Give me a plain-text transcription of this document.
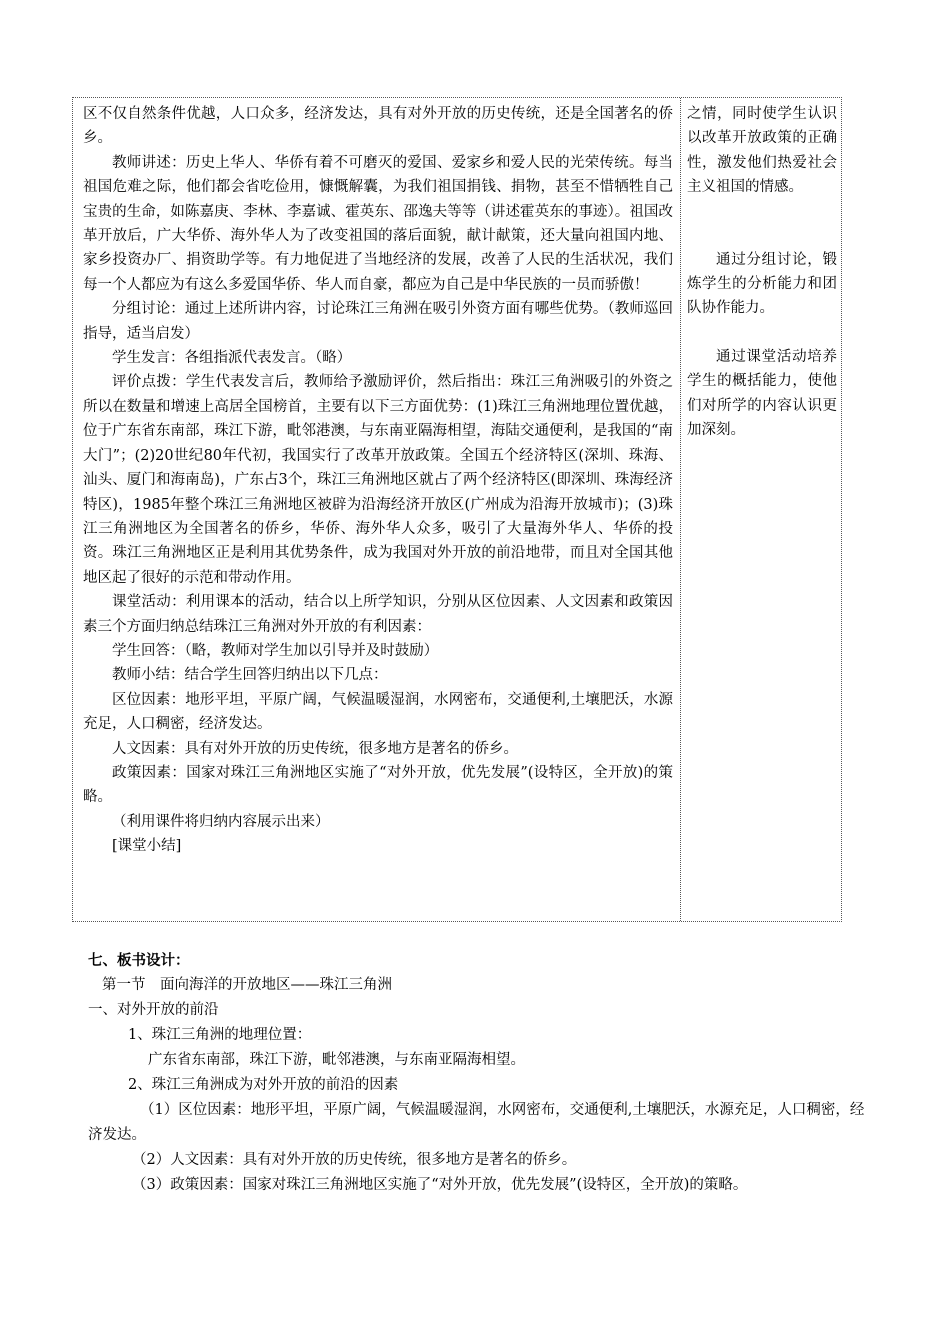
区不仅自然条件优越，人口众多，经济发达，具有对外开放的历史传统，还是全国著名的侨乡。

教师讲述：历史上华人、华侨有着不可磨灭的爱国、爱家乡和爱人民的光荣传统。每当祖国危难之际，他们都会省吃俭用，慷慨解囊，为我们祖国捐钱、捐物，甚至不惜牺牲自己宝贵的生命，如陈嘉庚、李林、李嘉诚、霍英东、邵逸夫等等（讲述霍英东的事迹）。祖国改革开放后，广大华侨、海外华人为了改变祖国的落后面貌，献计献策，还大量向祖国内地、家乡投资办厂、捐资助学等。有力地促进了当地经济的发展，改善了人民的生活状况，我们每一个人都应为有这么多爱国华侨、华人而自豪，都应为自己是中华民族的一员而骄傲！

分组讨论：通过上述所讲内容，讨论珠江三角洲在吸引外资方面有哪些优势。（教师巡回指导，适当启发）

学生发言：各组指派代表发言。（略）

评价点拨：学生代表发言后，教师给予激励评价，然后指出：珠江三角洲吸引的外资之所以在数量和增速上高居全国榜首，主要有以下三方面优势：(1)珠江三角洲地理位置优越，位于广东省东南部，珠江下游，毗邻港澳，与东南亚隔海相望，海陆交通便利，是我国的“南大门”；(2)20世纪80年代初，我国实行了改革开放政策。全国五个经济特区(深圳、珠海、汕头、厦门和海南岛)，广东占3个，珠江三角洲地区就占了两个经济特区(即深圳、珠海经济特区)，1985年整个珠江三角洲地区被辟为沿海经济开放区(广州成为沿海开放城市)；(3)珠江三角洲地区为全国著名的侨乡，华侨、海外华人众多，吸引了大量海外华人、华侨的投资。珠江三角洲地区正是利用其优势条件，成为我国对外开放的前沿地带，而且对全国其他地区起了很好的示范和带动作用。

课堂活动：利用课本的活动，结合以上所学知识，分别从区位因素、人文因素和政策因素三个方面归纳总结珠江三角洲对外开放的有利因素：

学生回答：（略，教师对学生加以引导并及时鼓励）

教师小结：结合学生回答归纳出以下几点：

区位因素：地形平坦，平原广阔，气候温暖湿润，水网密布，交通便利,土壤肥沃，水源充足，人口稠密，经济发达。

人文因素：具有对外开放的历史传统，很多地方是著名的侨乡。

政策因素：国家对珠江三角洲地区实施了“对外开放，优先发展”(设特区，全开放)的策略。

（利用课件将归纳内容展示出来）

[课堂小结]

之情，同时使学生认识以改革开放政策的正确性，激发他们热爱社会主义祖国的情感。

通过分组讨论，锻炼学生的分析能力和团队协作能力。

通过课堂活动培养学生的概括能力，使他们对所学的内容认识更加深刻。

七、板书设计：

第一节　面向海洋的开放地区——珠江三角洲

一、对外开放的前沿

1、珠江三角洲的地理位置：

广东省东南部，珠江下游，毗邻港澳，与东南亚隔海相望。

2、珠江三角洲成为对外开放的前沿的因素

（1）区位因素：地形平坦，平原广阔，气候温暖湿润，水网密布，交通便利,土壤肥沃，水源充足，人口稠密，经济发达。

（2）人文因素：具有对外开放的历史传统，很多地方是著名的侨乡。

（3）政策因素：国家对珠江三角洲地区实施了“对外开放，优先发展”(设特区，全开放)的策略。
